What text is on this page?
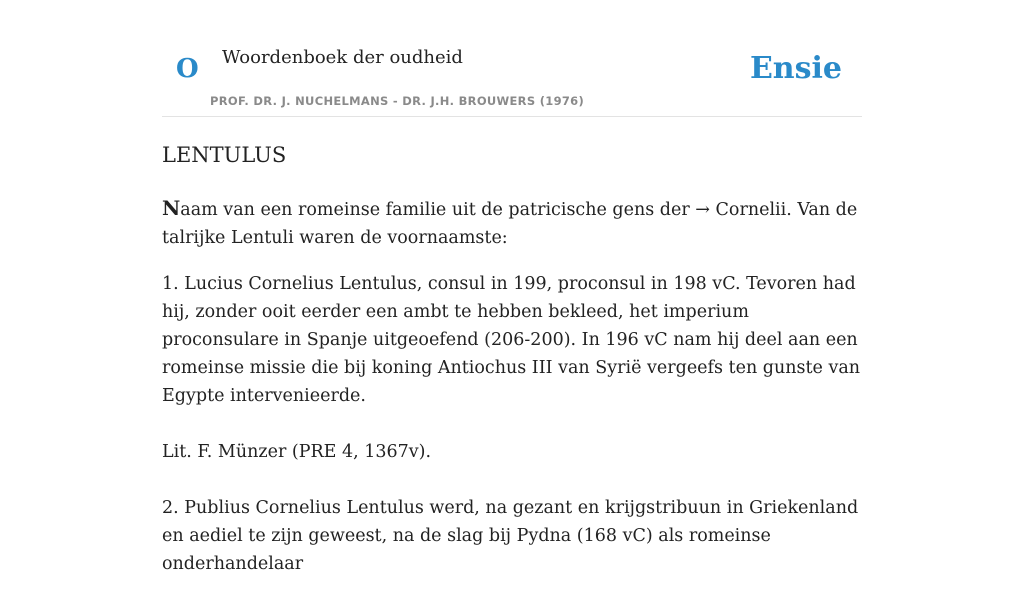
O Woordenboek der oudheid
PROF. DR. J. NUCHELMANS - DR. J.H. BROUWERS (1976)
Ensie
LENTULUS

Naam van een romeinse familie uit de patricische gens der → Cornelii. Van de talrijke Lentuli waren de voornaamste:

1. Lucius Cornelius Lentulus, consul in 199, proconsul in 198 vC. Tevoren had hij, zonder ooit eerder een ambt te hebben bekleed, het imperium proconsulare in Spanje uitgeoefend (206-200). In 196 vC nam hij deel aan een romeinse missie die bij koning Antiochus III van Syrië vergeefs ten gunste van Egypte intervenieerde.

Lit. F. Münzer (PRE 4, 1367v).

2. Publius Cornelius Lentulus werd, na gezant en krijgstribuun in Griekenland en aediel te zijn geweest, na de slag bij Pydna (168 vC) als romeinse onderhandelaar
